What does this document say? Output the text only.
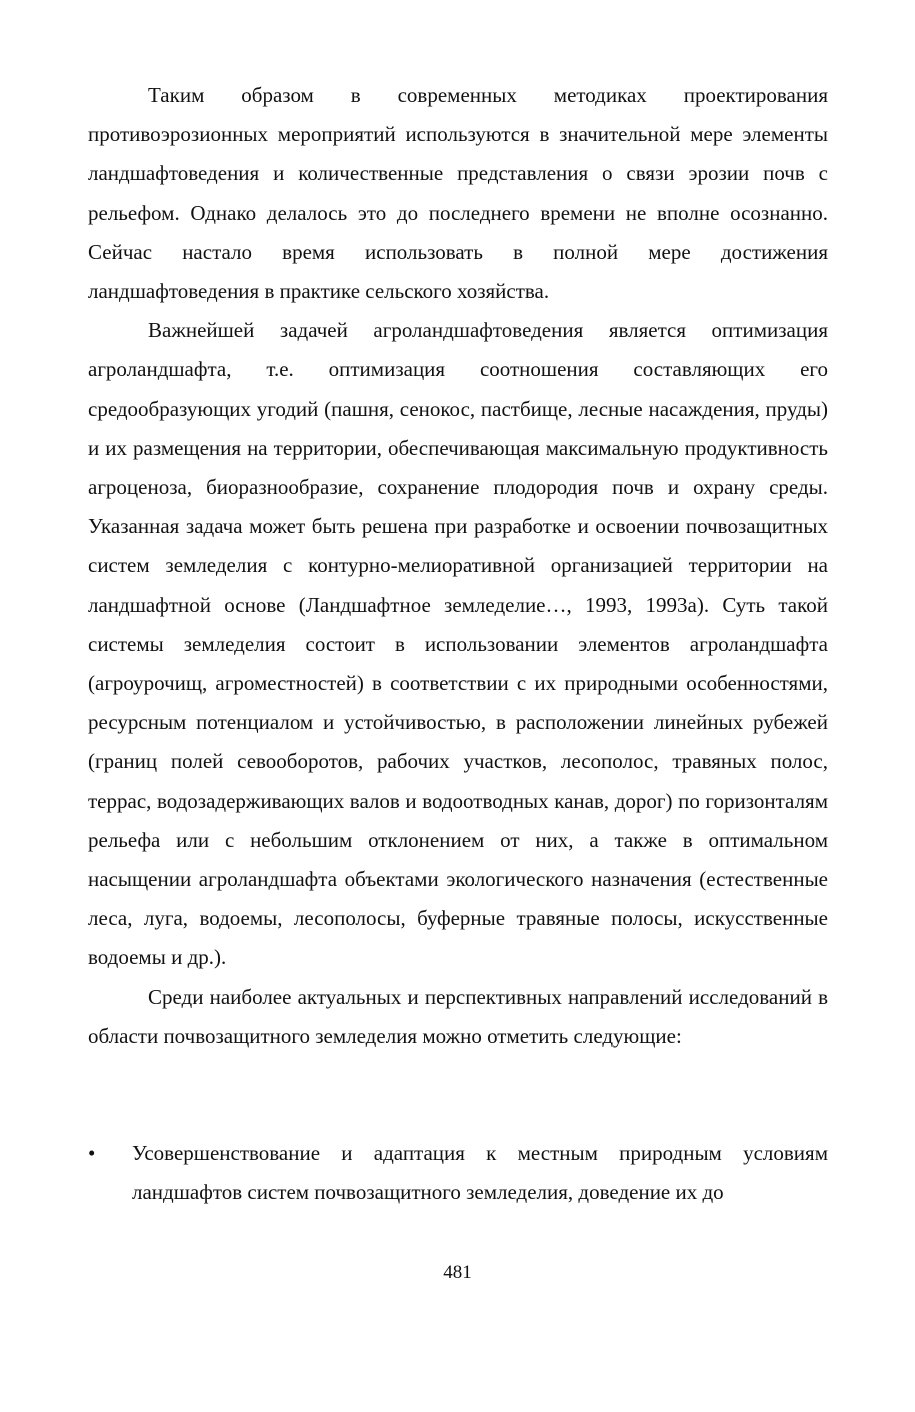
Таким образом в современных методиках проектирования противоэрозионных мероприятий используются в значительной мере элементы ландшафтоведения и количественные представления о связи эрозии почв с рельефом. Однако делалось это до последнего времени не вполне осознанно. Сейчас настало время использовать в полной мере достижения ландшафтоведения в практике сельского хозяйства.

Важнейшей задачей агроландшафтоведения является оптимизация агроландшафта, т.е. оптимизация соотношения составляющих его средообразующих угодий (пашня, сенокос, пастбище, лесные насаждения, пруды) и их размещения на территории, обеспечивающая максимальную продуктивность агроценоза, биоразнообразие, сохранение плодородия почв и охрану среды. Указанная задача может быть решена при разработке и освоении почвозащитных систем земледелия с контурно-мелиоративной организацией территории на ландшафтной основе (Ландшафтное земледелие…, 1993, 1993а). Суть такой системы земледелия состоит в использовании элементов агроландшафта (агроурочищ, агроместностей) в соответствии с их природными особенностями, ресурсным потенциалом и устойчивостью, в расположении линейных рубежей (границ полей севооборотов, рабочих участков, лесополос, травяных полос, террас, водозадерживающих валов и водоотводных канав, дорог) по горизонталям рельефа или с небольшим отклонением от них, а также в оптимальном насыщении агроландшафта объектами экологического назначения (естественные леса, луга, водоемы, лесополосы, буферные травяные полосы, искусственные водоемы и др.).

Среди наиболее актуальных и перспективных направлений исследований в области почвозащитного земледелия можно отметить следующие:

• Усовершенствование и адаптация к местным природным условиям ландшафтов систем почвозащитного земледелия, доведение их до
481
